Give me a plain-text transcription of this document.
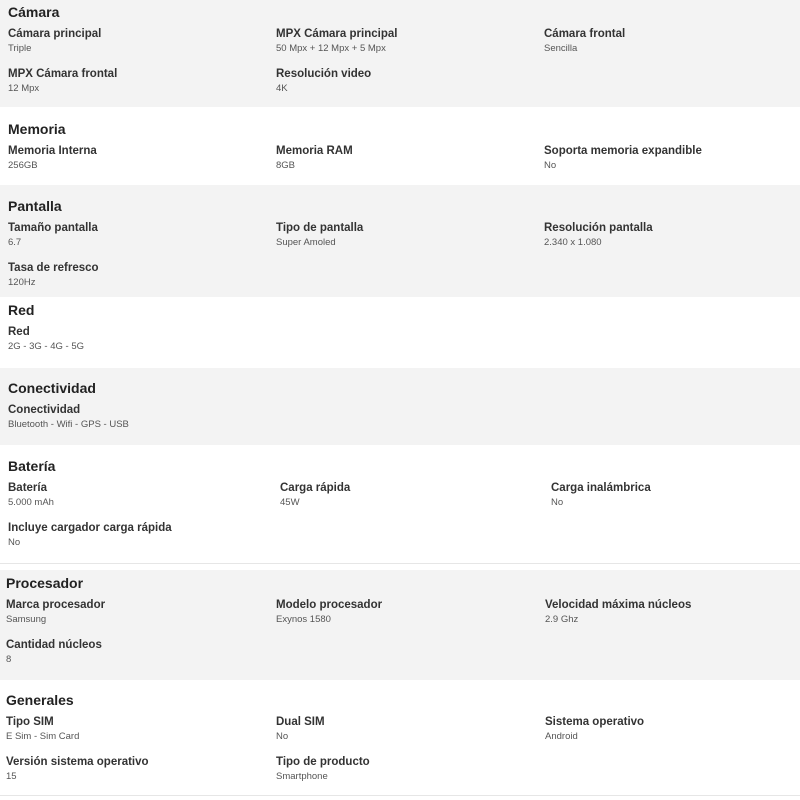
Cámara
Cámara principal
Triple
MPX Cámara principal
50 Mpx + 12 Mpx + 5 Mpx
Cámara frontal
Sencilla
MPX Cámara frontal
12 Mpx
Resolución video
4K
Memoria
Memoria Interna
256GB
Memoria RAM
8GB
Soporta memoria expandible
No
Pantalla
Tamaño pantalla
6.7
Tipo de pantalla
Super Amoled
Resolución pantalla
2.340 x 1.080
Tasa de refresco
120Hz
Red
Red
2G - 3G - 4G - 5G
Conectividad
Conectividad
Bluetooth - Wifi - GPS - USB
Batería
Batería
5.000 mAh
Carga rápida
45W
Carga inalámbrica
No
Incluye cargador carga rápida
No
Procesador
Marca procesador
Samsung
Modelo procesador
Exynos 1580
Velocidad máxima núcleos
2.9 Ghz
Cantidad núcleos
8
Generales
Tipo SIM
E Sim - Sim Card
Dual SIM
No
Sistema operativo
Android
Versión sistema operativo
15
Tipo de producto
Smartphone
